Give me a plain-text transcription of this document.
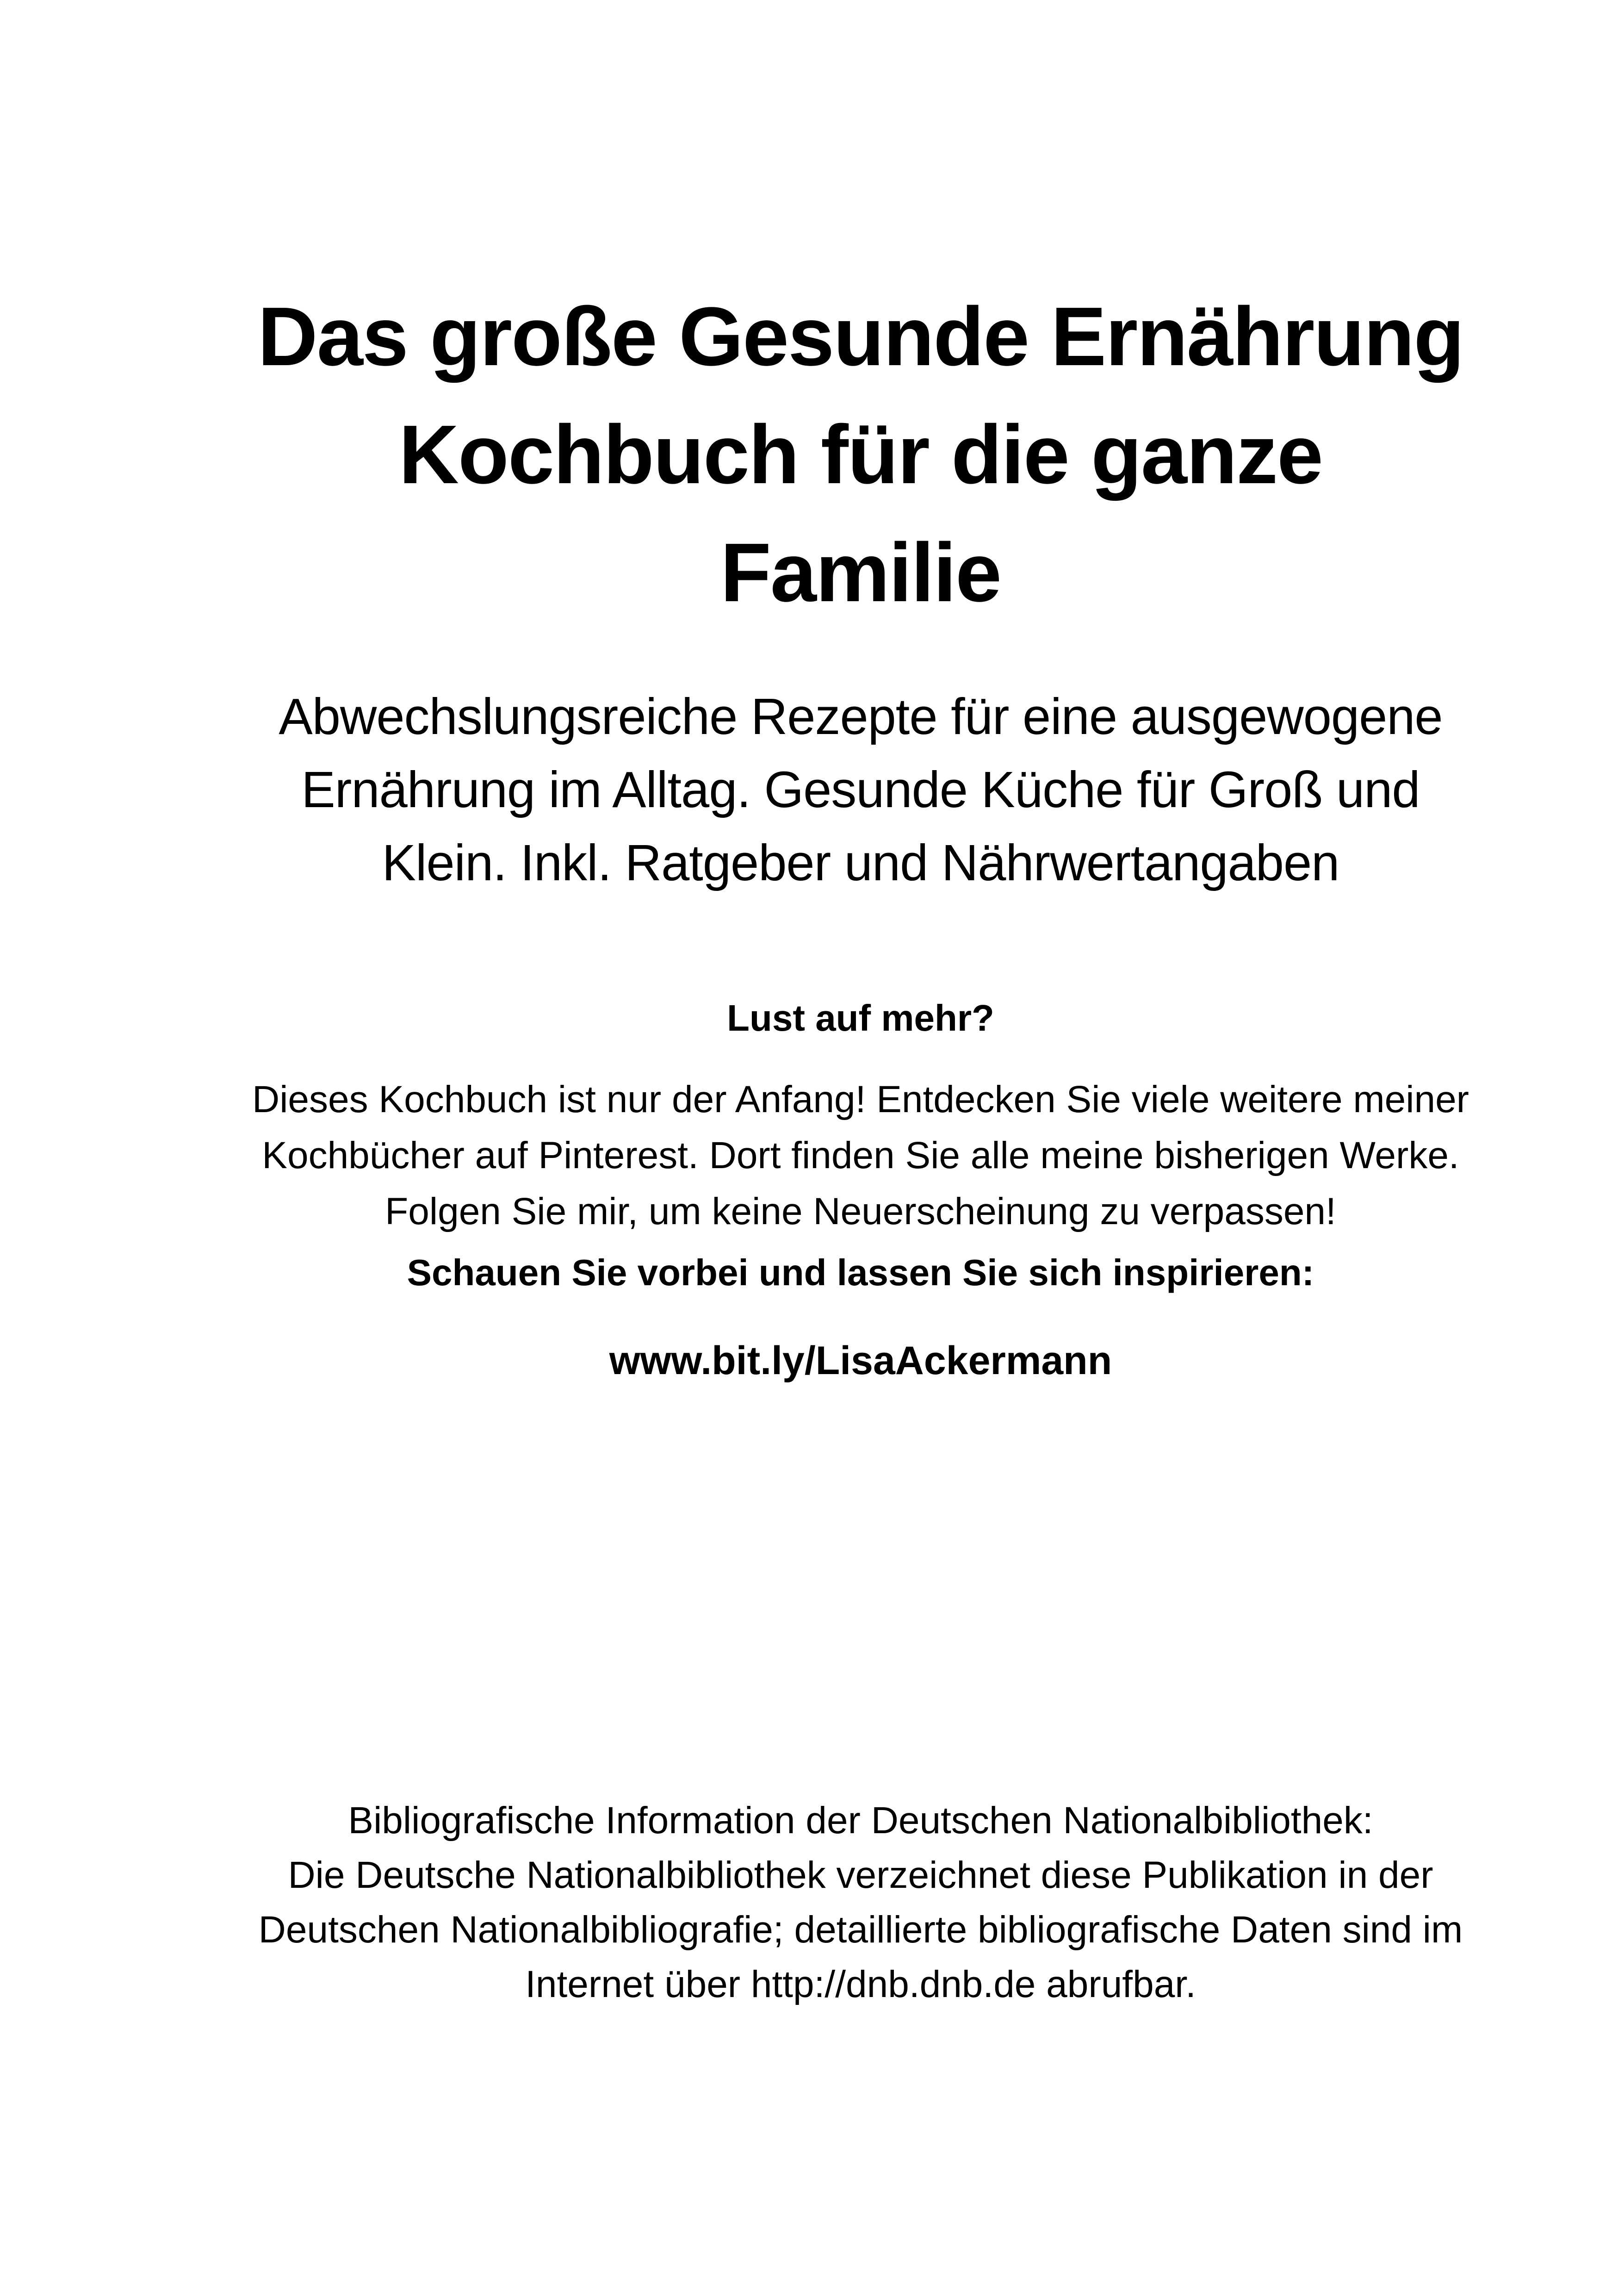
Das große Gesunde Ernährung
Kochbuch für die ganze
Familie
Abwechslungsreiche Rezepte für eine ausgewogene
Ernährung im Alltag. Gesunde Küche für Groß und
Klein. Inkl. Ratgeber und Nährwertangaben
Lust auf mehr?
Dieses Kochbuch ist nur der Anfang! Entdecken Sie viele weitere meiner
Kochbücher auf Pinterest. Dort finden Sie alle meine bisherigen Werke.
Folgen Sie mir, um keine Neuerscheinung zu verpassen!
Schauen Sie vorbei und lassen Sie sich inspirieren:
www.bit.ly/LisaAckermann
Bibliografische Information der Deutschen Nationalbibliothek:
Die Deutsche Nationalbibliothek verzeichnet diese Publikation in der
Deutschen Nationalbibliografie; detaillierte bibliografische Daten sind im
Internet über http://dnb.dnb.de abrufbar.
